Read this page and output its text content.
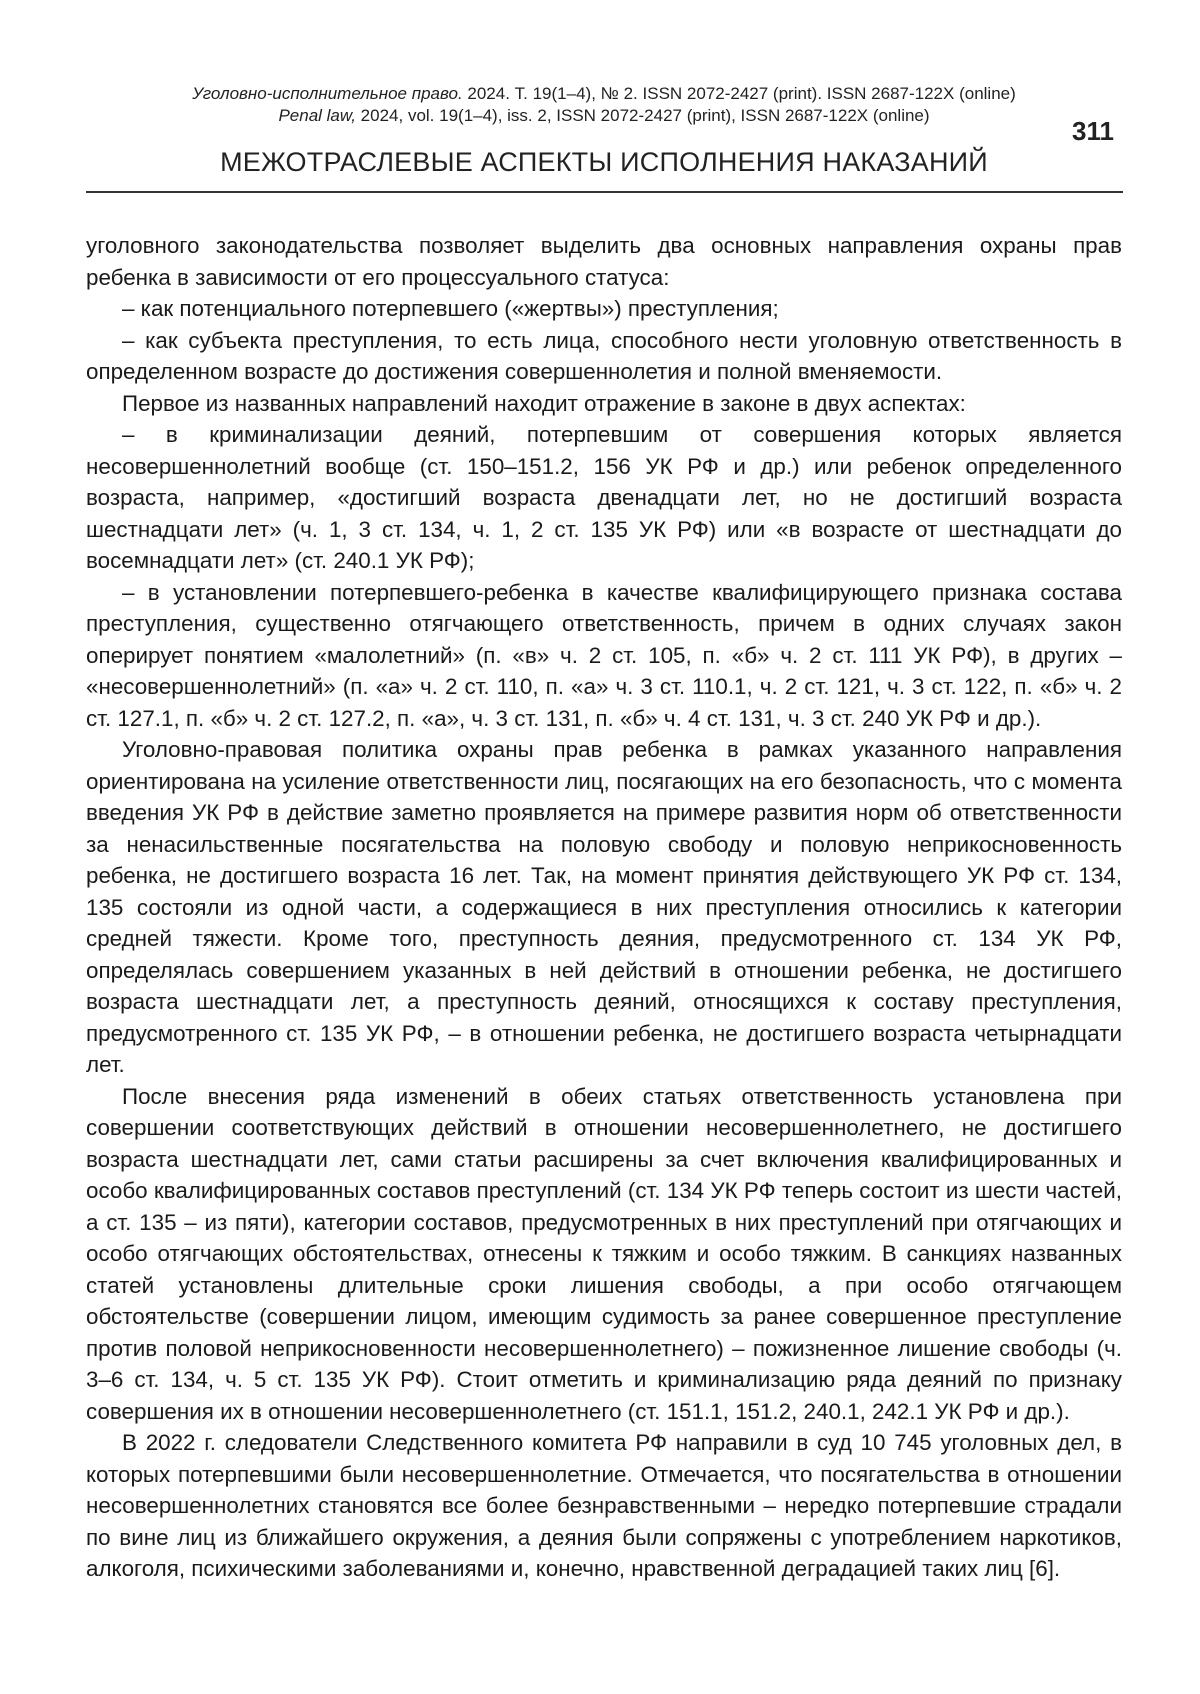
Уголовно-исполнительное право. 2024. Т. 19(1–4), № 2. ISSN 2072-2427 (print). ISSN 2687-122X (online)

Penal law, 2024, vol. 19(1–4), iss. 2, ISSN 2072-2427 (print), ISSN 2687-122X (online)

311
МЕЖОТРАСЛЕВЫЕ АСПЕКТЫ ИСПОЛНЕНИЯ НАКАЗАНИЙ

уголовного законодательства позволяет выделить два основных направления охраны прав ребенка в зависимости от его процессуального статуса:

– как потенциального потерпевшего («жертвы») преступления;

– как субъекта преступления, то есть лица, способного нести уголовную ответственность в определенном возрасте до достижения совершеннолетия и полной вменяемости.

Первое из названных направлений находит отражение в законе в двух аспектах:

– в криминализации деяний, потерпевшим от совершения которых является несовершеннолетний вообще (ст. 150–151.2, 156 УК РФ и др.) или ребенок определенного возраста, например, «достигший возраста двенадцати лет, но не достигший возраста шестнадцати лет» (ч. 1, 3 ст. 134, ч. 1, 2 ст. 135 УК РФ) или «в возрасте от шестнадцати до восемнадцати лет» (ст. 240.1 УК РФ);

– в установлении потерпевшего-ребенка в качестве квалифицирующего признака состава преступления, существенно отягчающего ответственность, причем в одних случаях закон оперирует понятием «малолетний» (п. «в» ч. 2 ст. 105, п. «б» ч. 2 ст. 111 УК РФ), в других – «несовершеннолетний» (п. «а» ч. 2 ст. 110, п. «а» ч. 3 ст. 110.1, ч. 2 ст. 121, ч. 3 ст. 122, п. «б» ч. 2 ст. 127.1, п. «б» ч. 2 ст. 127.2, п. «а», ч. 3 ст. 131, п. «б» ч. 4 ст. 131, ч. 3 ст. 240 УК РФ и др.).

Уголовно-правовая политика охраны прав ребенка в рамках указанного направления ориентирована на усиление ответственности лиц, посягающих на его безопасность, что с момента введения УК РФ в действие заметно проявляется на примере развития норм об ответственности за ненасильственные посягательства на половую свободу и половую неприкосновенность ребенка, не достигшего возраста 16 лет. Так, на момент принятия действующего УК РФ ст. 134, 135 состояли из одной части, а содержащиеся в них преступления относились к категории средней тяжести. Кроме того, преступность деяния, предусмотренного ст. 134 УК РФ, определялась совершением указанных в ней действий в отношении ребенка, не достигшего возраста шестнадцати лет, а преступность деяний, относящихся к составу преступления, предусмотренного ст. 135 УК РФ, – в отношении ребенка, не достигшего возраста четырнадцати лет.

После внесения ряда изменений в обеих статьях ответственность установлена при совершении соответствующих действий в отношении несовершеннолетнего, не достигшего возраста шестнадцати лет, сами статьи расширены за счет включения квалифицированных и особо квалифицированных составов преступлений (ст. 134 УК РФ теперь состоит из шести частей, а ст. 135 – из пяти), категории составов, предусмотренных в них преступлений при отягчающих и особо отягчающих обстоятельствах, отнесены к тяжким и особо тяжким. В санкциях названных статей установлены длительные сроки лишения свободы, а при особо отягчающем обстоятельстве (совершении лицом, имеющим судимость за ранее совершенное преступление против половой неприкосновенности несовершеннолетнего) – пожизненное лишение свободы (ч. 3–6 ст. 134, ч. 5 ст. 135 УК РФ). Стоит отметить и криминализацию ряда деяний по признаку совершения их в отношении несовершеннолетнего (ст. 151.1, 151.2, 240.1, 242.1 УК РФ и др.).

В 2022 г. следователи Следственного комитета РФ направили в суд 10 745 уголовных дел, в которых потерпевшими были несовершеннолетние. Отмечается, что посягательства в отношении несовершеннолетних становятся все более безнравственными – нередко потерпевшие страдали по вине лиц из ближайшего окружения, а деяния были сопряжены с употреблением наркотиков, алкоголя, психическими заболеваниями и, конечно, нравственной деградацией таких лиц [6].
